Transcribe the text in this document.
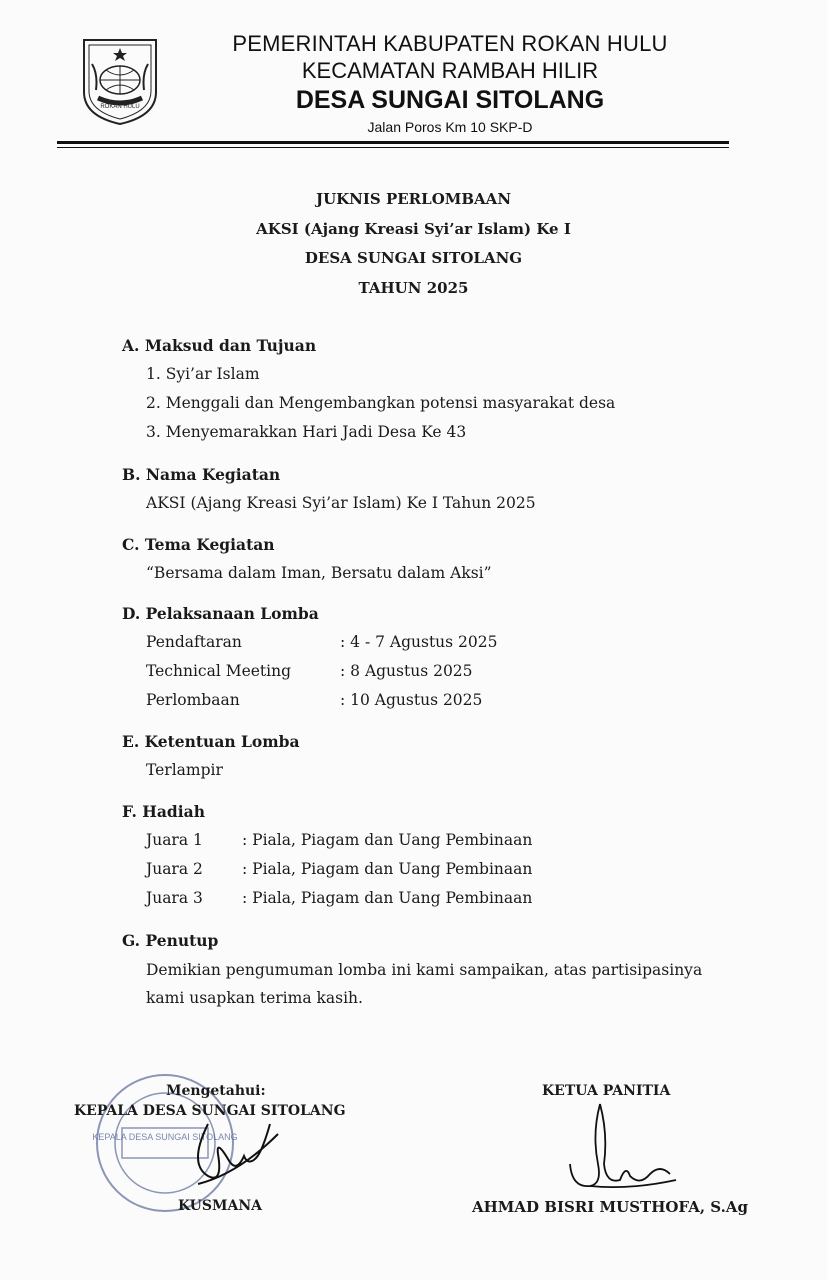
ROKAN HULU
PEMERINTAH KABUPATEN ROKAN HULU
KECAMATAN RAMBAH HILIR
DESA SUNGAI SITOLANG
Jalan Poros Km 10 SKP-D
JUKNIS PERLOMBAAN
AKSI (Ajang Kreasi Syi’ar Islam) Ke I
DESA SUNGAI SITOLANG
TAHUN 2025
A. Maksud dan Tujuan
1. Syi’ar Islam
2. Menggali dan Mengembangkan potensi masyarakat desa
3. Menyemarakkan Hari Jadi Desa Ke 43
B. Nama Kegiatan
AKSI (Ajang Kreasi Syi’ar Islam) Ke I Tahun 2025
C. Tema Kegiatan
“Bersama dalam Iman, Bersatu dalam Aksi”
D. Pelaksanaan Lomba
Pendaftaran	: 4 - 7 Agustus 2025
Technical Meeting	: 8 Agustus 2025
Perlombaan	: 10 Agustus 2025
E. Ketentuan Lomba
Terlampir
F. Hadiah
Juara 1	: Piala, Piagam dan Uang Pembinaan
Juara 2	: Piala, Piagam dan Uang Pembinaan
Juara 3	: Piala, Piagam dan Uang Pembinaan
G. Penutup
Demikian pengumuman lomba ini kami sampaikan, atas partisipasinya
kami usapkan terima kasih.
KEPALA DESA SUNGAI SITOLANG
Mengetahui:
KEPALA DESA SUNGAI SITOLANG
KUSMANA
KETUA PANITIA
AHMAD BISRI MUSTHOFA, S.Ag
